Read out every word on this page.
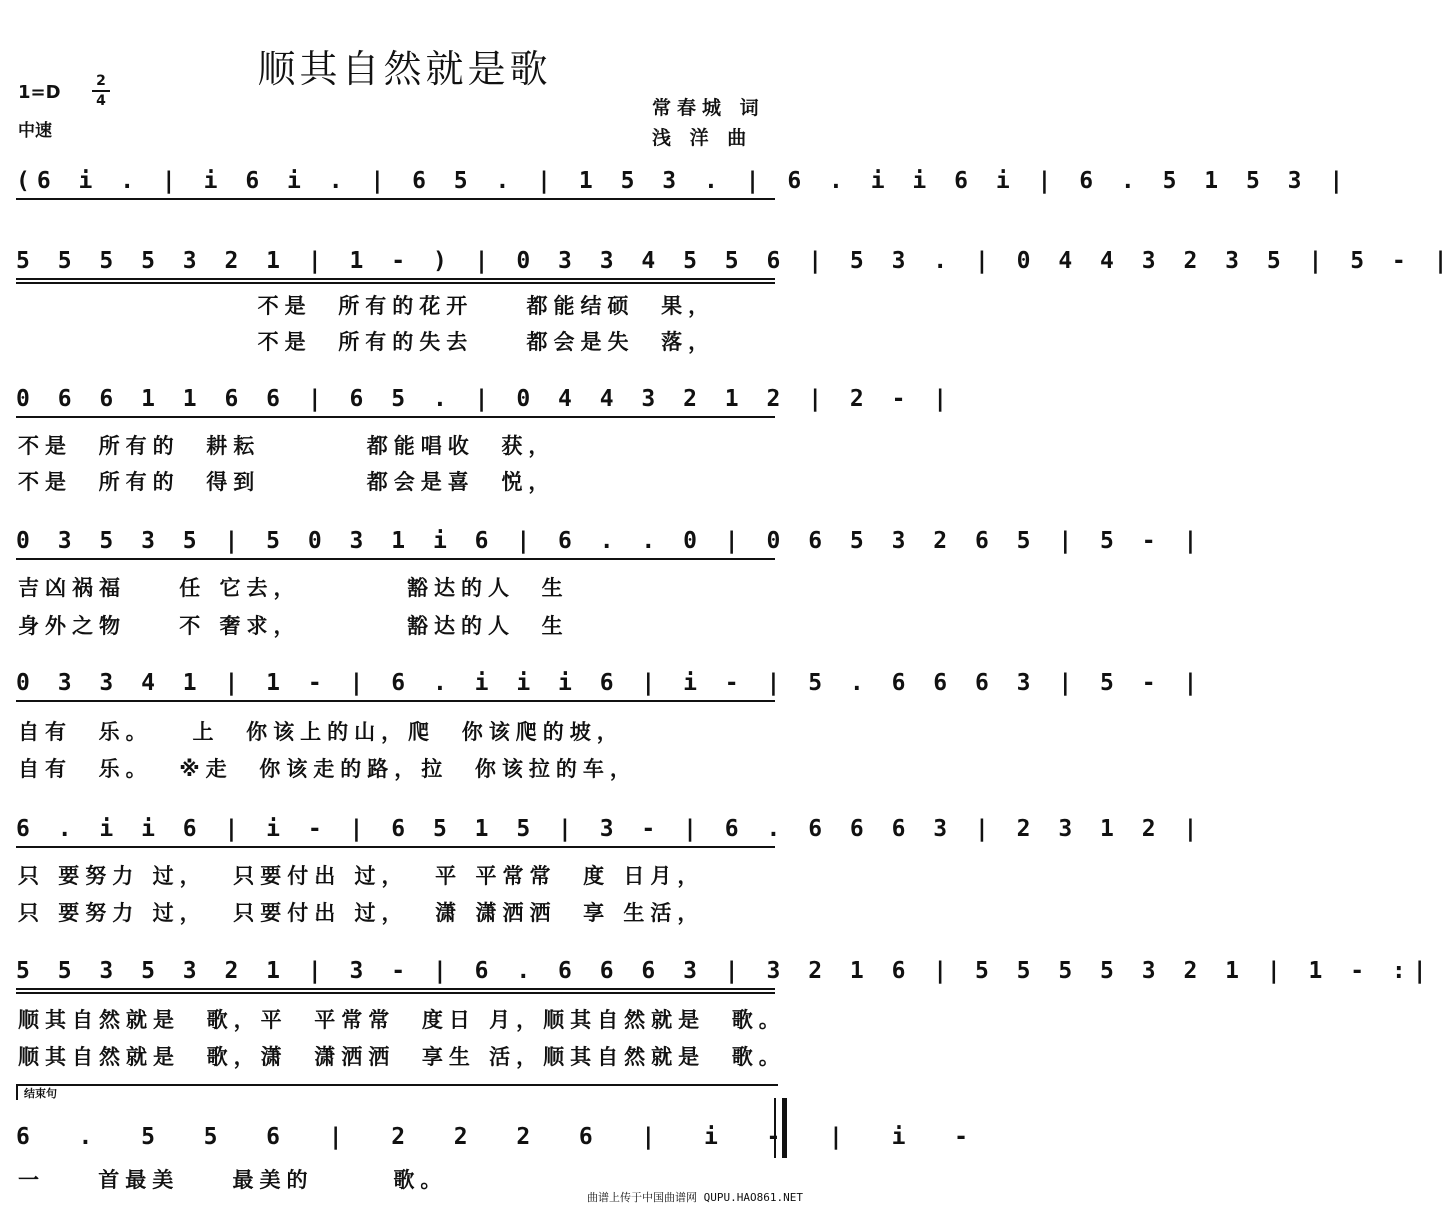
顺其自然就是歌
1=D
2
4
中速
常春城 词
浅 洋 曲
(6 i . | i 6 i . | 6 5 . | 1 5 3 . | 6 . i i 6 i | 6 . 5 1 5 3 |
5 5 5 5 3 2 1 | 1 - ) | 0 3 3 4 5 5 6 | 5 3 . | 0 4 4 3 2 3 5 | 5 - |
不是  所有的花开    都能结硕  果，
不是  所有的失去    都会是失  落，
0 6 6 1 1 6 6 | 6 5 . | 0 4 4 3 2 1 2 | 2 - |
不是  所有的  耕耘        都能唱收  获，
不是  所有的  得到        都会是喜  悦，
0 3 5 3 5 | 5 0 3 1 i 6 | 6 . . 0 | 0 6 5 3 2 6 5 | 5 - |
吉凶祸福    任 它去，        豁达的人  生
身外之物    不 奢求，        豁达的人  生
0 3 3 4 1 | 1 - | 6 . i i i 6 | i - | 5 . 6 6 6 3 | 5 - |
自有  乐。   上  你该上的山，爬  你该爬的坡，
自有  乐。  ※走  你该走的路，拉  你该拉的车，
6 . i i 6 | i - | 6 5 1 5 | 3 - | 6 . 6 6 6 3 | 2 3 1 2 |
只 要努力 过，  只要付出 过，  平 平常常  度 日月，
只 要努力 过，  只要付出 过，  潇 潇洒洒  享 生活，
5 5 3 5 3 2 1 | 3 - | 6 . 6 6 6 3 | 3 2 1 6 | 5 5 5 5 3 2 1 | 1 - :|
顺其自然就是  歌，平  平常常  度日 月，顺其自然就是  歌。
顺其自然就是  歌，潇  潇洒洒  享生 活，顺其自然就是  歌。
结束句
6  .  5  5  6  |  2  2  2  6  |  i  -  |  i  -
一    首最美    最美的      歌。
曲谱上传于中国曲谱网 QUPU.HAO861.NET
